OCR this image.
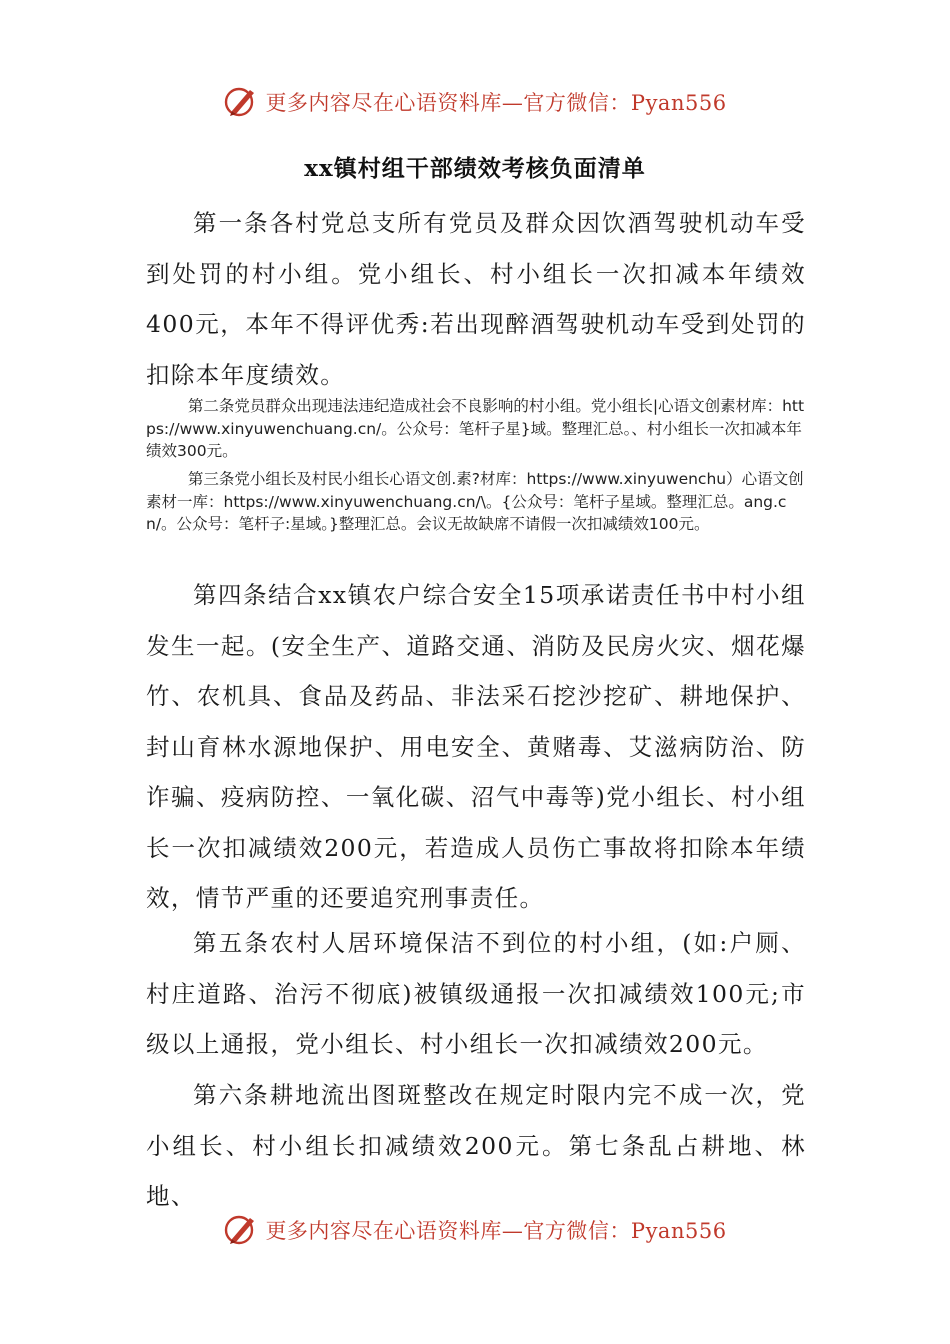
更多内容尽在心语资料库—官方微信：Pyan556
xx镇村组干部绩效考核负面清单

第一条各村党总支所有党员及群众因饮酒驾驶机动车受到处罚的村小组。党小组长、村小组长一次扣减本年绩效400元，本年不得评优秀:若出现醉酒驾驶机动车受到处罚的扣除本年度绩效。

第二条党员群众出现违法违纪造成社会不良影响的村小组。党小组长|心语文创素材库：https://www.xinyuwenchuang.cn/。公众号：笔杆子星}域。整理汇总。、村小组长一次扣减本年绩效300元。

第三条党小组长及村民小组长心语文创.素?材库：https://www.xinyuwenchu）心语文创素材一库：https://www.xinyuwenchuang.cn/\。{公众号：笔杆子星域。整理汇总。ang.cn/。公众号：笔杆子:星域。}整理汇总。会议无故缺席不请假一次扣减绩效100元。

第四条结合xx镇农户综合安全15项承诺责任书中村小组发生一起。(安全生产、道路交通、消防及民房火灾、烟花爆竹、农机具、食品及药品、非法采石挖沙挖矿、耕地保护、封山育林水源地保护、用电安全、黄赌毒、艾滋病防治、防诈骗、疫病防控、一氧化碳、沼气中毒等)党小组长、村小组长一次扣减绩效200元，若造成人员伤亡事故将扣除本年绩效，情节严重的还要追究刑事责任。

第五条农村人居环境保洁不到位的村小组，(如:户厕、村庄道路、治污不彻底)被镇级通报一次扣减绩效100元;市级以上通报，党小组长、村小组长一次扣减绩效200元。

第六条耕地流出图斑整改在规定时限内完不成一次，党小组长、村小组长扣减绩效200元。第七条乱占耕地、林地、

更多内容尽在心语资料库—官方微信：Pyan556
